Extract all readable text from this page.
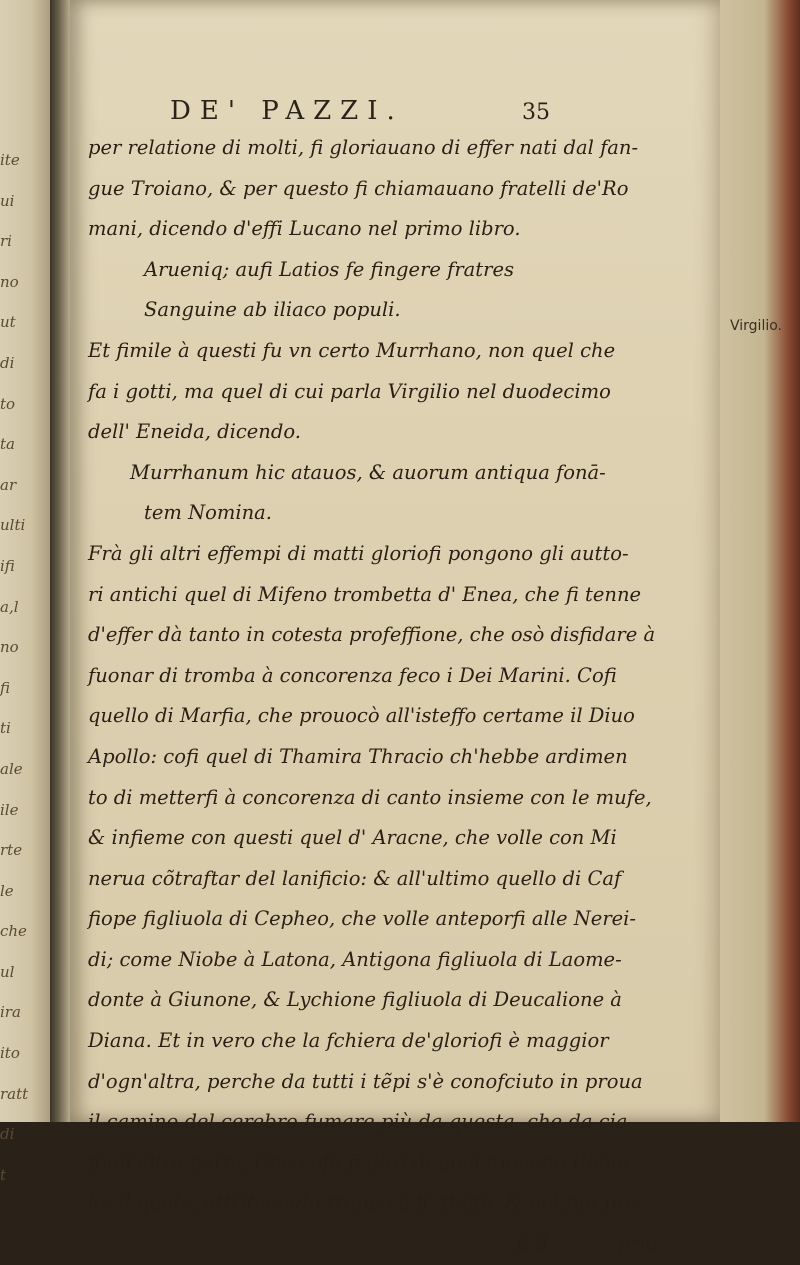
ite
ui
ri
no
ut
di
to
ta
ar
ulti
ifi
a,l
no
fi
ti
ale
ile
rte
le
che
ul
ira
ito
ratt
di
t
DE' PAZZI.	35
per relatione di molti, fi gloriauano di effer nati dal fan-
gue Troiano, & per questo fi chiamauano fratelli de'Ro
mani, dicendo d'effi Lucano nel primo libro.
Arueniq; aufi Latios fe fingere fratres
Sanguine ab iliaco populi.
Et fimile à questi fu vn certo Murrhano, non quel che
fa i gotti, ma quel di cui parla Virgilio nel duodecimo
dell' Eneida, dicendo.
Murrhanum hic atauos, & auorum antiqua fonā-
tem Nomina.
Frà gli altri effempi di matti gloriofi pongono gli autto-
ri antichi quel di Mifeno trombetta d' Enea, che fi tenne
d'effer dà tanto in cotesta profeffione, che osò disfidare à
fuonar di tromba à concorenza feco i Dei Marini. Cofi
quello di Marfia, che prouocò all'isteffo certame il Diuo
Apollo: cofi quel di Thamira Thracio ch'hebbe ardimen
to di metterfi à concorenza di canto insieme con le mufe,
& infieme con questi quel d' Aracne, che volle con Mi
nerua cõtraftar del lanificio: & all'ultimo quello di Caf
fiope figliuola di Cepheo, che volle anteporfi alle Nerei-
di; come Niobe à Latona, Antigona figliuola di Laome-
donte à Giunone, & Lychione figliuola di Deucalione à
Diana. Et in vero che la fchiera de'gloriofi è maggior
d'ogn'altra, perche da tutti i tẽpi s'è conofciuto in proua
il camino del cerebro fumare più da questa, che da cia-
fcun'altra parte, Che cofa fi dirà di quel humano Remu
lo, il quale, attribuendo troppo à fe fteffo, & nel fuo pro-
E 3	prio
Virgilio.
